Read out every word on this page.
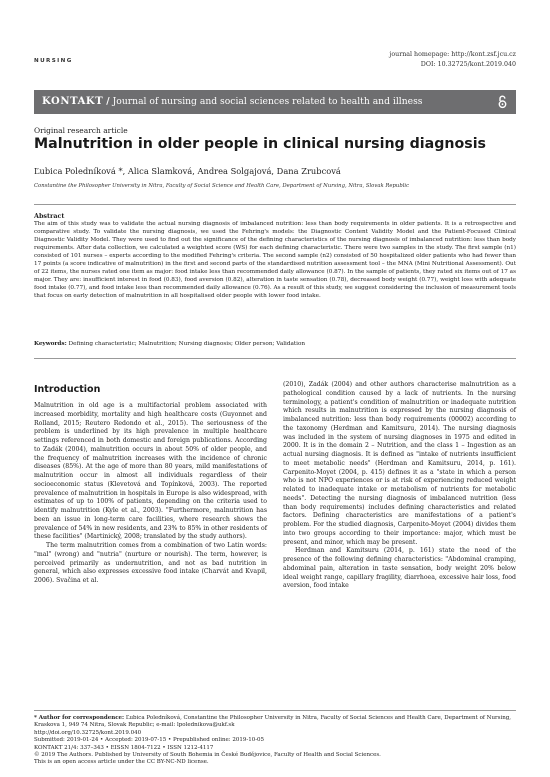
NURSING
journal homepage: http://kont.zsf.jcu.cz
DOI: 10.32725/kont.2019.040
KONTAKT / Journal of nursing and social sciences related to health and illness
Original research article
Malnutrition in older people in clinical nursing diagnosis
Ľubica Poledníková *, Alica Slamková, Andrea Solgajová, Dana Zrubcová
Constantine the Philosopher University in Nitra, Faculty of Social Science and Health Care, Department of Nursing, Nitra, Slovak Republic
Abstract

The aim of this study was to validate the actual nursing diagnosis of imbalanced nutrition: less than body requirements in older patients. It is a retrospective and comparative study. To validate the nursing diagnosis, we used the Fehring's models: the Diagnostic Content Validity Model and the Patient-Focused Clinical Diagnostic Validity Model. They were used to find out the significance of the defining characteristics of the nursing diagnosis of imbalanced nutrition: less than body requirements. After data collection, we calculated a weighted score (WS) for each defining characteristic. There were two samples in the study. The first sample (n1) consisted of 101 nurses – experts according to the modified Fehring's criteria. The second sample (n2) consisted of 50 hospitalized older patients who had fewer than 17 points (a score indicative of malnutrition) in the first and second parts of the standardised nutrition assessment tool – the MNA (Mini Nutritional Assessment). Out of 22 items, the nurses rated one item as major: food intake less than recommended daily allowance (0.87). In the sample of patients, they rated six items out of 17 as major. They are: insufficient interest in food (0.83), food aversion (0.82), alteration in taste sensation (0.78), decreased body weight (0.77), weight loss with adequate food intake (0.77), and food intake less than recommended daily allowance (0.76). As a result of this study, we suggest considering the inclusion of measurement tools that focus on early detection of malnutrition in all hospitalised older people with lower food intake.

Keywords: Defining characteristic; Malnutrition; Nursing diagnosis; Older person; Validation
Introduction

Malnutrition in old age is a multifactorial problem associated with increased morbidity, mortality and high healthcare costs (Guyonnet and Rolland, 2015; Reutero Redondo et al., 2015). The seriousness of the problem is underlined by its high prevalence in multiple healthcare settings referenced in both domestic and foreign publications. According to Zadák (2004), malnutrition occurs in about 50% of older people, and the frequency of malnutrition increases with the incidence of chronic diseases (85%). At the age of more than 80 years, mild manifestations of malnutrition occur in almost all individuals regardless of their socioeconomic status (Klevetová and Topínková, 2003). The reported prevalence of malnutrition in hospitals in Europe is also widespread, with estimates of up to 100% of patients, depending on the criteria used to identify malnutrition (Kyle et al., 2003). "Furthermore, malnutrition has been an issue in long-term care facilities, where research shows the prevalence of 54% in new residents, and 23% to 85% in other residents of these facilities" (Martinický, 2008; translated by the study authors).

The term malnutrition comes from a combination of two Latin words: "mal" (wrong) and "nutria" (nurture or nourish). The term, however, is perceived primarily as undernutrition, and not as bad nutrition in general, which also expresses excessive food intake (Charvát and Kvapil, 2006). Svačina et al.

(2010), Zadák (2004) and other authors characterise malnutrition as a pathological condition caused by a lack of nutrients. In the nursing terminology, a patient's condition of malnutrition or inadequate nutrition which results in malnutrition is expressed by the nursing diagnosis of imbalanced nutrition: less than body requirements (00002) according to the taxonomy (Herdman and Kamitsuru, 2014). The nursing diagnosis was included in the system of nursing diagnoses in 1975 and edited in 2000. It is in the domain 2 – Nutrition, and the class 1 – Ingestion as an actual nursing diagnosis. It is defined as "intake of nutrients insufficient to meet metabolic needs" (Herdman and Kamitsuru, 2014, p. 161). Carpenito-Moyet (2004, p. 415) defines it as a "state in which a person who is not NPO experiences or is at risk of experiencing reduced weight related to inadequate intake or metabolism of nutrients for metabolic needs". Detecting the nursing diagnosis of imbalanced nutrition (less than body requirements) includes defining characteristics and related factors. Defining characteristics are manifestations of a patient's problem. For the studied diagnosis, Carpenito-Moyet (2004) divides them into two groups according to their importance: major, which must be present, and minor, which may be present.

Herdman and Kamitsuru (2014, p. 161) state the need of the presence of the following defining characteristics: "Abdominal cramping, abdominal pain, alteration in taste sensation, body weight 20% below ideal weight range, capillary fragility, diarrhoea, excessive hair loss, food aversion, food intake

* Author for correspondence: Ľubica Poledníková, Constantine the Philosopher University in Nitra, Faculty of Social Sciences and Health Care, Department of Nursing, Kraskova 1, 949 74 Nitra, Slovak Republic; e-mail: lpolednikova@ukf.sk
http://doi.org/10.32725/kont.2019.040
Submitted: 2019-01-24 • Accepted: 2019-07-15 • Prepublished online: 2019-10-05
KONTAKT 21/4: 337–343 • EISSN 1804-7122 • ISSN 1212-4117
© 2019 The Authors. Published by University of South Bohemia in České Budějovice, Faculty of Health and Social Sciences.
This is an open access article under the CC BY-NC-ND license.
